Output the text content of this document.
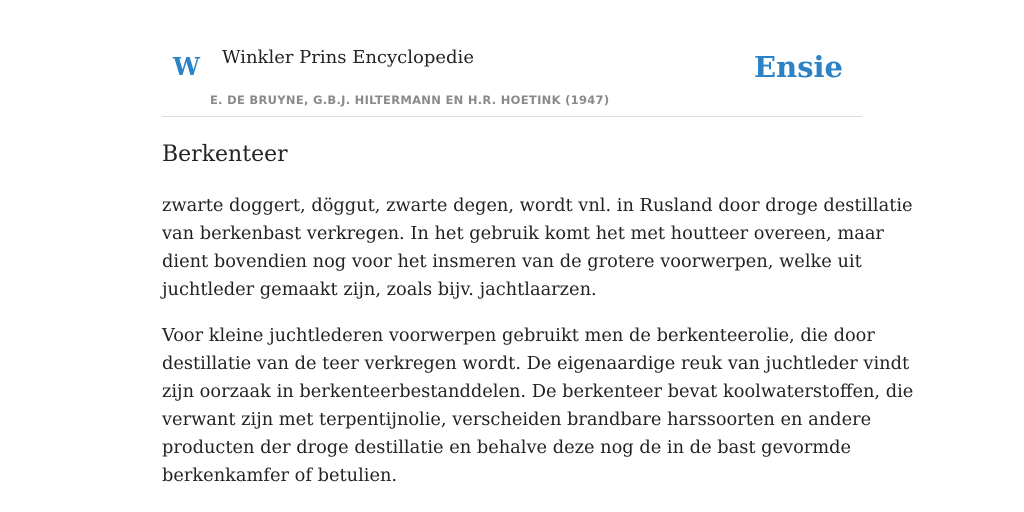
W Winkler Prins Encyclopedie	Ensie
E. DE BRUYNE, G.B.J. HILTERMANN EN H.R. HOETINK (1947)
Berkenteer

zwarte doggert, döggut, zwarte degen, wordt vnl. in Rusland door droge destillatie
van berkenbast verkregen. In het gebruik komt het met houtteer overeen, maar
dient bovendien nog voor het insmeren van de grotere voorwerpen, welke uit
juchtleder gemaakt zijn, zoals bijv. jachtlaarzen.

Voor kleine juchtlederen voorwerpen gebruikt men de berkenteerolie, die door
destillatie van de teer verkregen wordt. De eigenaardige reuk van juchtleder vindt
zijn oorzaak in berkenteerbestanddelen. De berkenteer bevat koolwaterstoffen, die
verwant zijn met terpentijnolie, verscheiden brandbare harssoorten en andere
producten der droge destillatie en behalve deze nog de in de bast gevormde
berkenkamfer of betulien.
